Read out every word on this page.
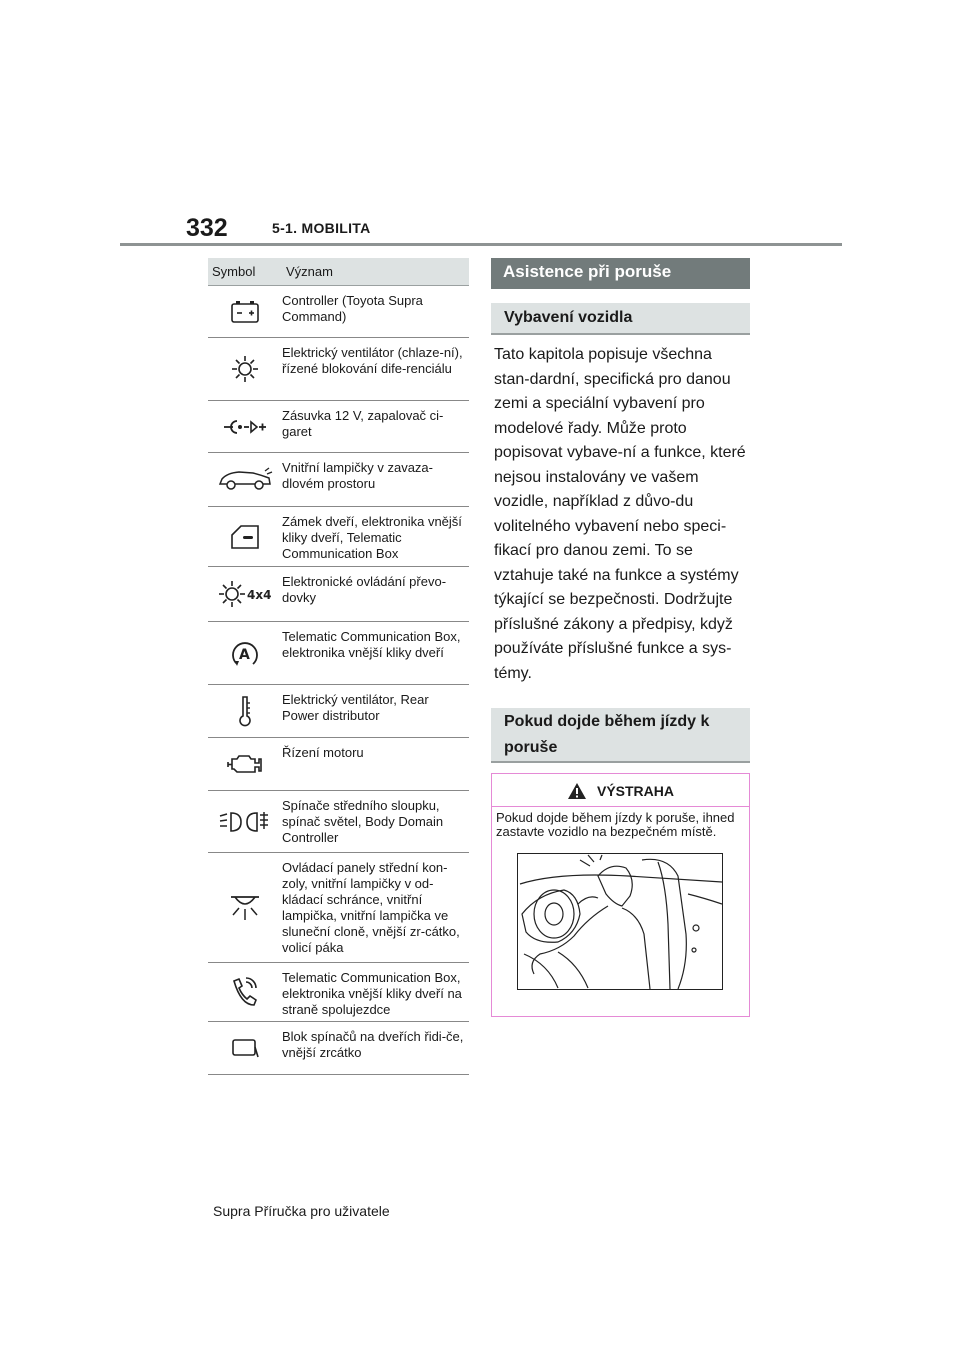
332	5-1. MOBILITA
Symbol	Význam
Controller (Toyota Supra Command)
Elektrický ventilátor (chlaze-ní), řízené blokování dife-renciálu
Zásuvka 12 V, zapalovač ci-garet
Vnitřní lampičky v zavaza-dlovém prostoru
Zámek dveří, elektronika vnější kliky dveří, Telematic Communication Box
4x4
Elektronické ovládání převo-dovky
A
Telematic Communication Box, elektronika vnější kliky dveří
Elektrický ventilátor, Rear Power distributor
Řízení motoru
Spínače středního sloupku, spínač světel, Body Domain Controller
Ovládací panely střední kon-zoly, vnitřní lampičky v od-kládací schránce, vnitřní lampička, vnitřní lampička ve sluneční cloně, vnější zr-cátko, volicí páka
Telematic Communication Box, elektronika vnější kliky dveří na straně spolujezdce
Blok spínačů na dveřích řidi-če, vnější zrcátko
Asistence při poruše
Vybavení vozidla
Tato kapitola popisuje všechna stan-dardní, specifická pro danou zemi a speciální vybavení pro modelové řady. Může proto popisovat vybave-ní a funkce, které nejsou instalovány ve vašem vozidle, například z důvo-du volitelného vybavení nebo speci-fikací pro danou zemi. To se vztahuje také na funkce a systémy týkající se bezpečnosti. Dodržujte příslušné zákony a předpisy, když používáte příslušné funkce a sys-témy.
Pokud dojde během jízdy k poruše
VÝSTRAHA
Pokud dojde během jízdy k poruše, ihned zastavte vozidlo na bezpečném místě.
Supra Příručka pro uživatele
